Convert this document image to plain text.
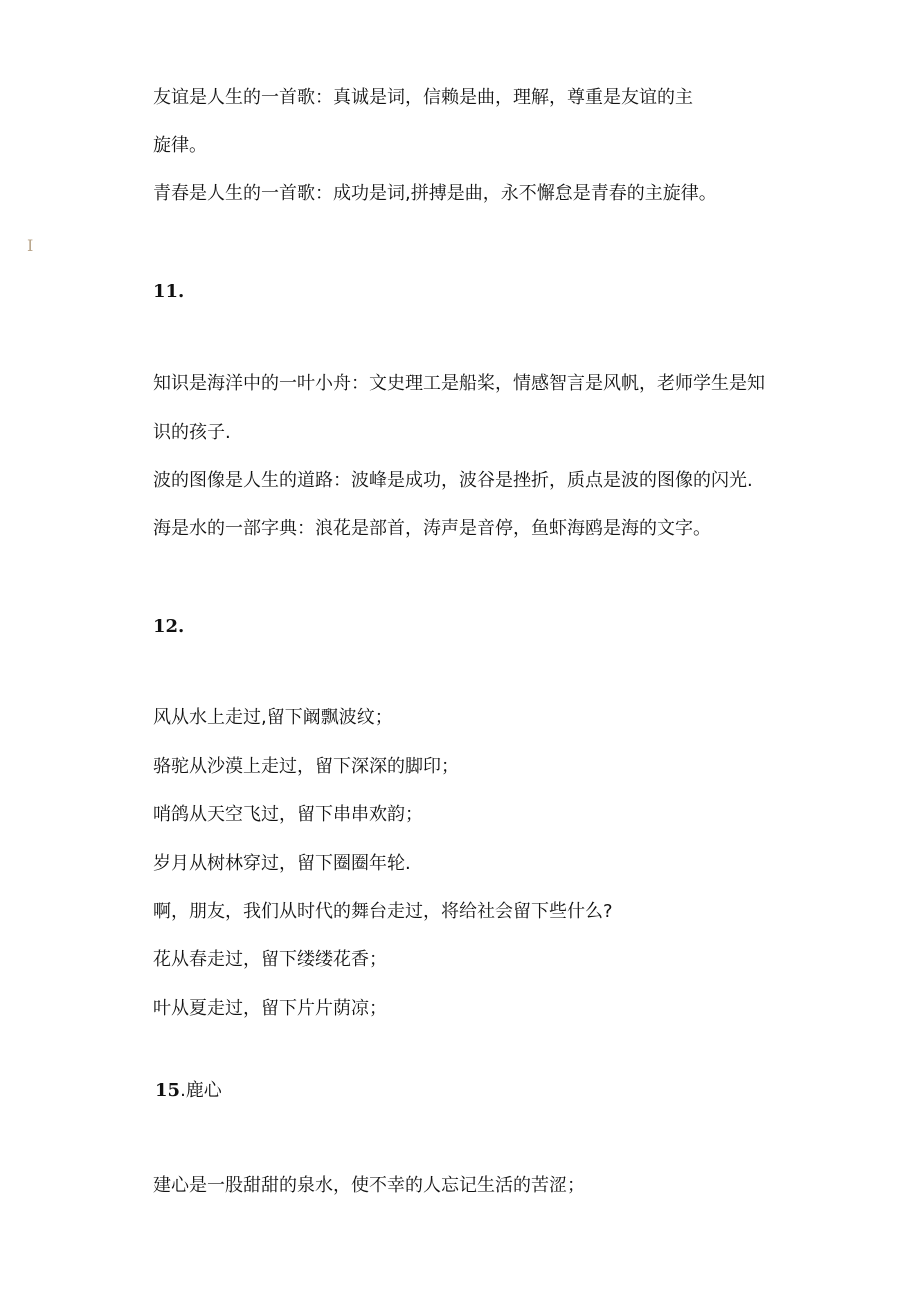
I
友谊是人生的一首歌：真诚是词，信赖是曲，理解，尊重是友谊的主
旋律。
青春是人生的一首歌：成功是词,拼搏是曲，永不懈怠是青春的主旋律。
11.
知识是海洋中的一叶小舟：文史理工是船桨，情感智言是风帆，老师学生是知
识的孩子.
波的图像是人生的道路：波峰是成功，波谷是挫折，质点是波的图像的闪光.
海是水的一部字典：浪花是部首，涛声是音停，鱼虾海鸥是海的文字。
12.
风从水上走过,留下阚飘波纹；
骆驼从沙漠上走过，留下深深的脚印；
哨鸽从天空飞过，留下串串欢韵；
岁月从树林穿过，留下圈圈年轮.
啊，朋友，我们从时代的舞台走过，将给社会留下些什么?
花从春走过，留下缕缕花香；
叶从夏走过，留下片片荫凉；
15.鹿心
建心是一股甜甜的泉水，使不幸的人忘记生活的苦涩；
